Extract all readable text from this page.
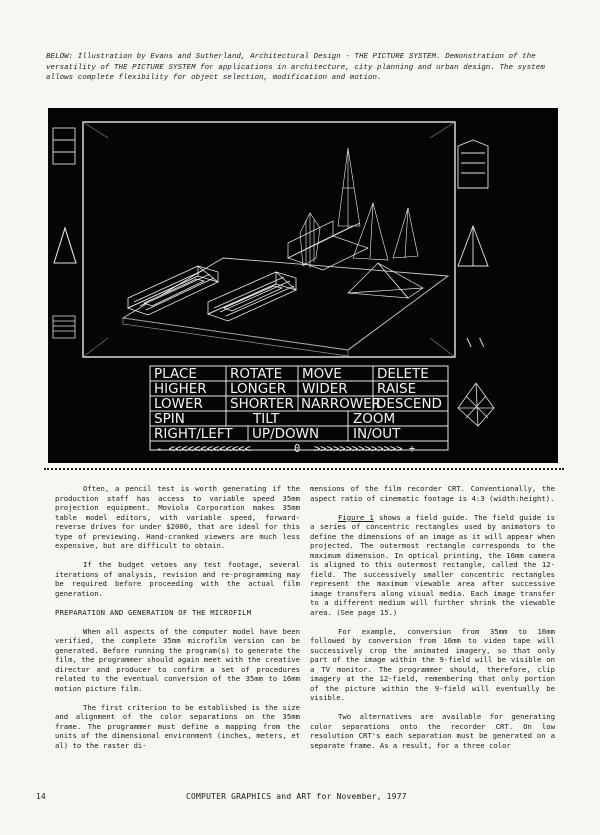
BELOW: Illustration by Evans and Sutherland, Architectural Design - THE PICTURE SYSTEM. Demonstration of the versatility of THE PICTURE SYSTEM for applications in architecture, city planning and urban design. The system allows complete flexibility for object selection, modification and motion.
\ \
PLACE ROTATE MOVE	DELETE
HIGHER LONGER WIDER RAISE
LOWER SHORTER NARROWER
DESCEND
SPIN	TILT	ZOOM
RIGHT/LEFT UP/DOWN	IN/OUT
- <<<<<<<<<<<<<	0 >>>>>>>>>>>>>> +

Often, a pencil test is worth generating if the production staff has access to variable speed 35mm projection equipment. Moviola Corporation makes 35mm table model editors, with variable speed, forward-reverse drives for under $2000, that are ideal for this type of previewing. Hand-cranked viewers are much less expensive, but are difficult to obtain.

If the budget vetoes any test footage, several iterations of analysis, revision and re-programming may be required before proceeding with the actual film generation.

PREPARATION AND GENERATION OF THE MICROFILM

When all aspects of the computer model have been verified, the complete 35mm microfilm version can be generated. Before running the program(s) to generate the film, the programmer should again meet with the creative director and producer to confirm a set of procedures related to the eventual conversion of the 35mm to 16mm motion picture film.

The first criterion to be established is the size and alignment of the color separations on the 35mm frame. The programmer must define a mapping from the units of the dimensional environment (inches, meters, et al) to the raster di-

mensions of the film recorder CRT. Conventionally, the aspect ratio of cinematic footage is 4:3 (width:height).

Figure 1 shows a field guide. The field guide is a series of concentric rectangles used by animators to define the dimensions of an image as it will appear when projected. The outermost rectangle corresponds to the maximum dimension. In optical printing, the 16mm camera is aligned to this outermost rectangle, called the 12-field. The successively smaller concentric rectangles represent the maximum viewable area after successive image transfers along visual media. Each image transfer to a different medium will further shrink the viewable area. (See page 15.)

For example, conversion from 35mm to 16mm followed by conversion from 16mm to video tape will successively crop the animated imagery, so that only part of the image within the 9-field will be visible on a TV monitor. The programmer should, therefore, clip imagery at the 12-field, remembering that only portion of the picture within the 9-field will eventually be visible.

Two alternatives are available for generating color separations onto the recorder CRT. On low resolution CRT's each separation must be generated on a separate frame. As a result, for a three color

14	COMPUTER GRAPHICS and ART for November, 1977
